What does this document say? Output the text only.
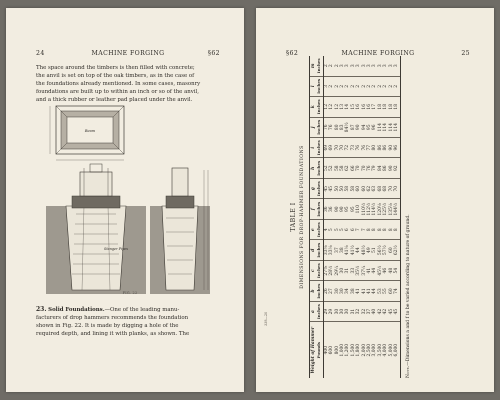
24	MACHINE FORGING	§62
The space around the timbers is then filled with concrete;
the anvil is set on top of the oak timbers, as in the case of
the foundations already mentioned. In some cases, masonry
foundations are built up to within an inch or so of the anvil,
and a thick rubber or leather pad placed under the anvil.
Beam
Stanger Pipes
FIG. 22
23. Solid Foundations.—One of the leading manu-
facturers of drop hammers recommends the foundation
shown in Fig. 22. It is made by digging a hole of the
required depth, and lining it with planks, as shown. The
§62	MACHINE FORGING	25
TABLE I DIMENSIONS FOR DROP-HAMMER FOUNDATIONS
Weight of Hammer	a	b	c	d	e	f	g	h	i	j	k	l	m
Pounds	Inches	Inches	Inches	Inches	Inches	Inches	Inches	Inches	Inches	Inches	Inches	Inches	Inches
400	29	26	27⅝	33⅛	4	36	45	52	69	76	12	3	2
600	29	27	28½	33⅛	5	36	45	52	69	76	12	2	2
800	30	30	29¼	37	5	90	50	58	70	80	12	2	2
1,000	30	30	30	38	5	90	50	58	70	83	13	2	3
1,200	30	34	31	41⅛	6	95	58	62	72	84½	14	2	3
1,500	31	38	33	41½	6	95	58	66	73	87	15	2	3
1,800	32	41	35½	44	7	110	60	70	76	90	16	2	3
2,000	32	41	37¼	48½	7	110½	60	70	76	94	16	2	3
2,500	37	41	41	49	8	112½	62	76	77	95	16	2	3
3,000	40	44	44	51	8	114½	63	79	80	96	17	2	3
3,500	42	53	45½	56½	8	120⅛	68	84	86	114	18	2	3
4,000	42	55	46	57½	8	125½	68	86	86	114	18	2	3
5,000	45	60	48	60	8	135⅛	70	90	90	114	18	2	3
6,000	45	74	54	62½	8	144½	70	92	96	114	18	2	3
Note.—Dimensions a and f to be varied according to nature of ground.
338—20
